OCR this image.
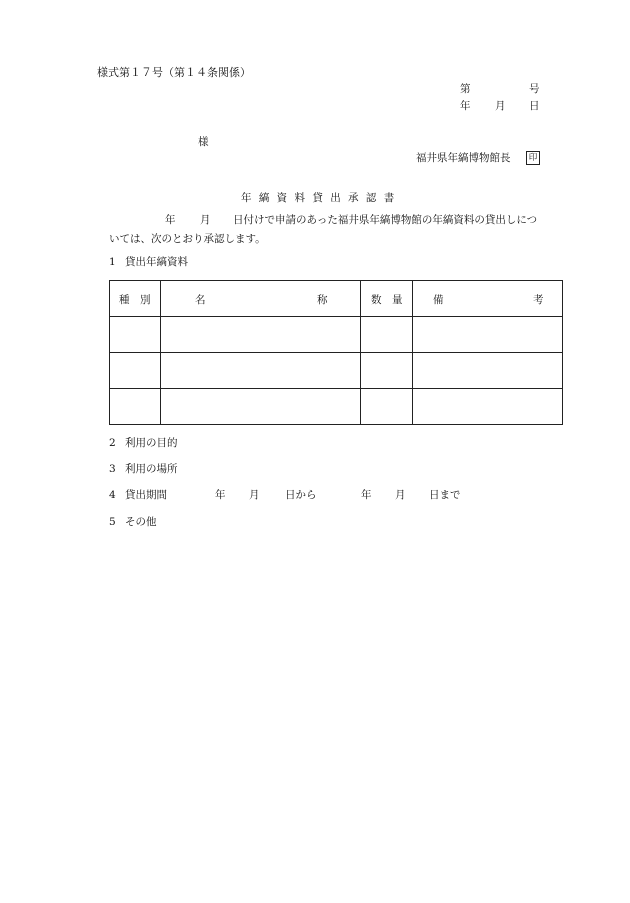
様式第１７号（第１４条関係）
第	号
年 月 日
様
福井県年縞博物館長	印
年 縞 資 料 貸 出 承 認 書
年 月 日付けで申請のあった福井県年縞博物館の年縞資料の貸出しにつ
いては、次のとおり承認します。
1 貸出年縞資料
種 別	名 称	数 量	備 考

2 利用の目的
3 利用の場所
4 貸出期間	年 月 日から	年 月 日まで
5 その他
